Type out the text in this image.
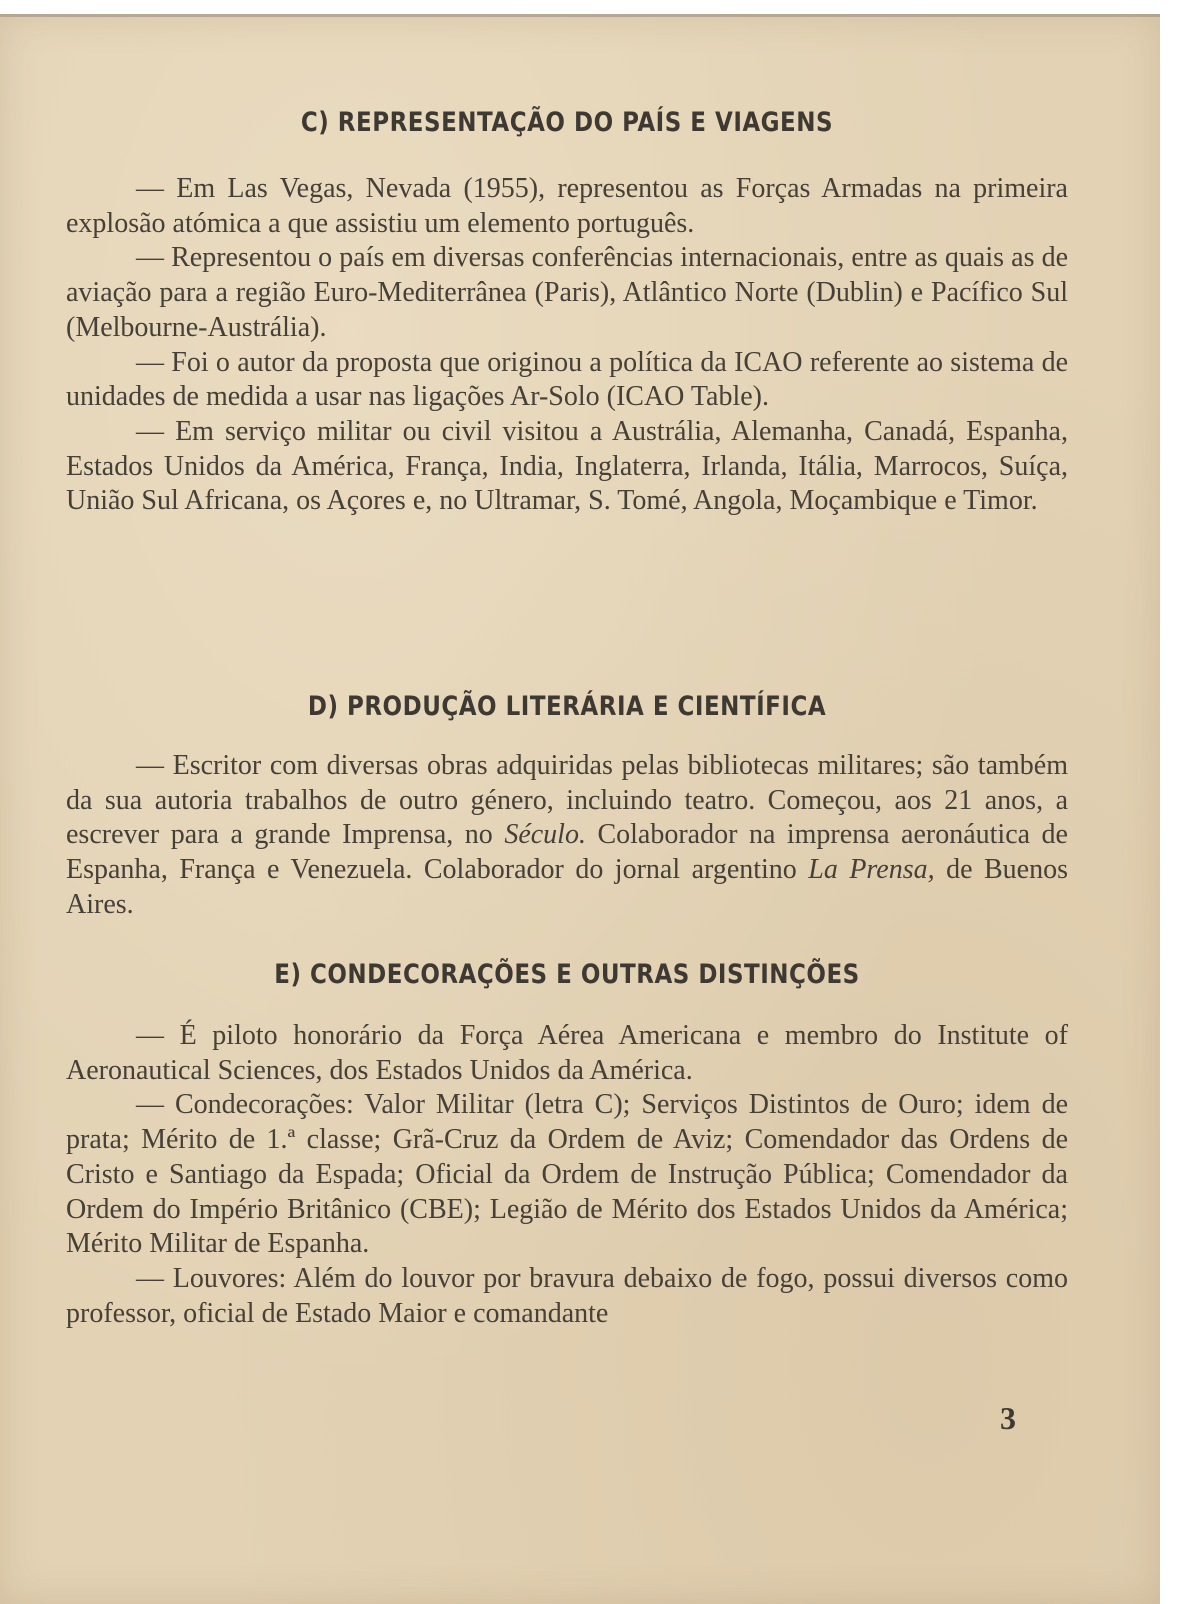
C) REPRESENTAÇÃO DO PAÍS E VIAGENS

— Em Las Vegas, Nevada (1955), representou as Forças Armadas na primeira explosão atómica a que assistiu um elemento português.

— Representou o país em diversas conferências internacionais, entre as quais as de aviação para a região Euro-Mediterrânea (Paris), Atlântico Norte (Dublin) e Pacífico Sul (Melbourne-Austrália).

— Foi o autor da proposta que originou a política da ICAO referente ao sistema de unidades de medida a usar nas ligações Ar-Solo (ICAO Table).

— Em serviço militar ou civil visitou a Austrália, Alemanha, Canadá, Espanha, Estados Unidos da América, França, India, Inglaterra, Irlanda, Itália, Marrocos, Suíça, União Sul Africana, os Açores e, no Ultramar, S. Tomé, Angola, Moçambique e Timor.

D) PRODUÇÃO LITERÁRIA E CIENTÍFICA

— Escritor com diversas obras adquiridas pelas bibliotecas militares; são também da sua autoria trabalhos de outro género, incluindo teatro. Começou, aos 21 anos, a escrever para a grande Imprensa, no Século. Colaborador na imprensa aeronáutica de Espanha, França e Venezuela. Colaborador do jornal argentino La Prensa, de Buenos Aires.

E) CONDECORAÇÕES E OUTRAS DISTINÇÕES

— É piloto honorário da Força Aérea Americana e membro do Institute of Aeronautical Sciences, dos Estados Unidos da América.

— Condecorações: Valor Militar (letra C); Serviços Distintos de Ouro; idem de prata; Mérito de 1.ª classe; Grã-Cruz da Ordem de Aviz; Comendador das Ordens de Cristo e Santiago da Espada; Oficial da Ordem de Instrução Pública; Comendador da Ordem do Império Britânico (CBE); Legião de Mérito dos Estados Unidos da América; Mérito Militar de Espanha.

— Louvores: Além do louvor por bravura debaixo de fogo, possui diversos como professor, oficial de Estado Maior e comandante

3
